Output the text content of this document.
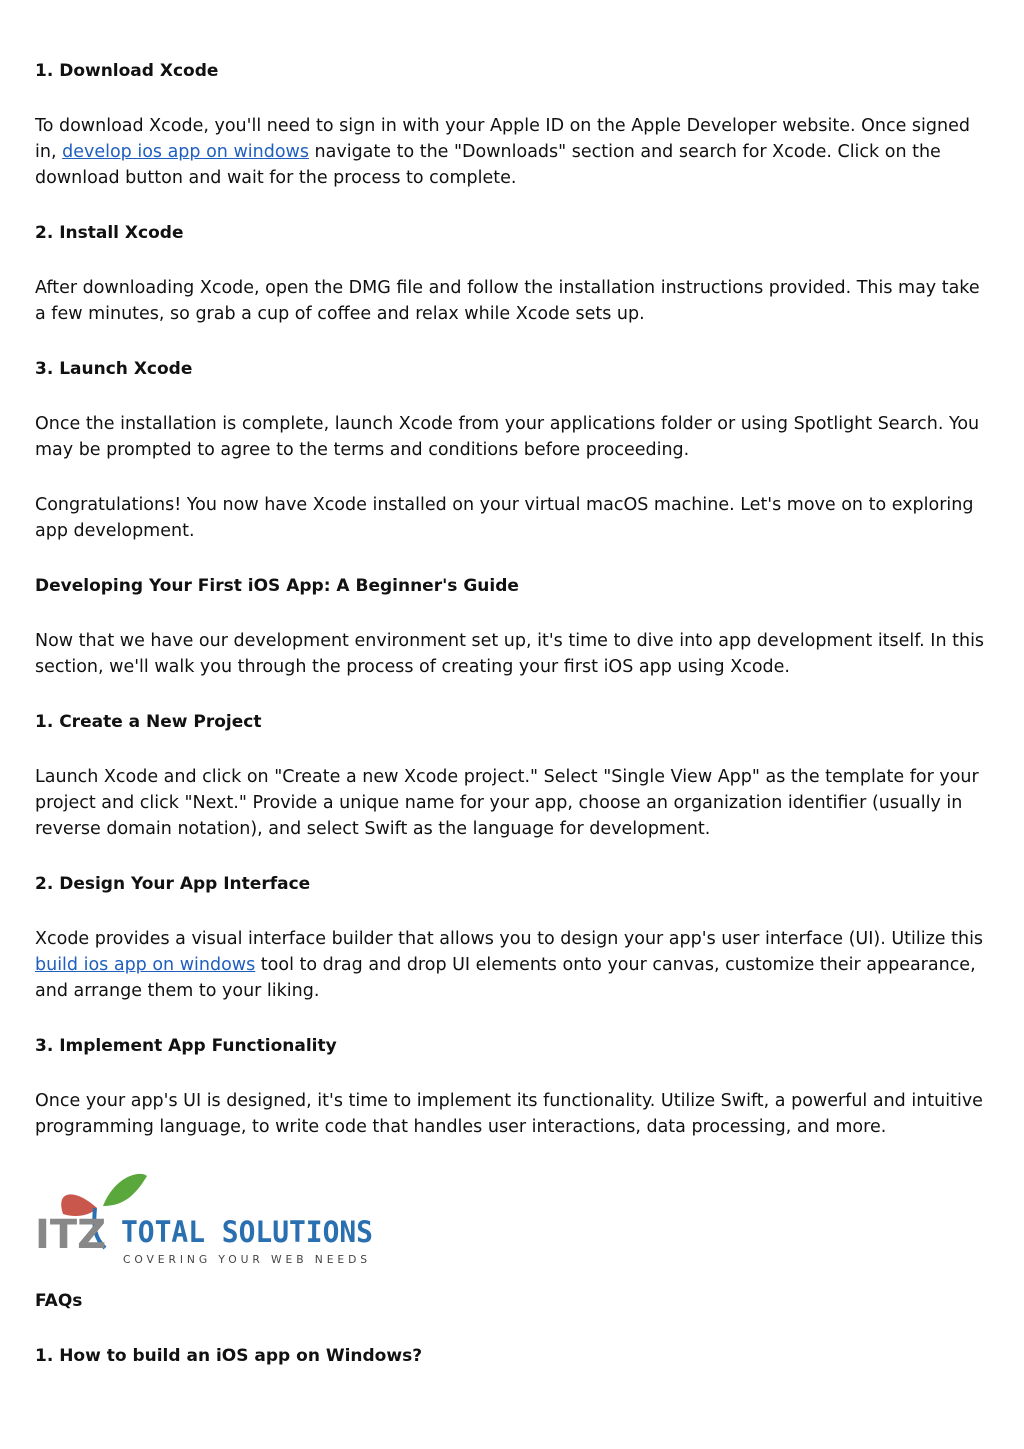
1. Download Xcode

To download Xcode, you'll need to sign in with your Apple ID on the Apple Developer website. Once signed in, develop ios app on windows navigate to the "Downloads" section and search for Xcode. Click on the download button and wait for the process to complete.

2. Install Xcode

After downloading Xcode, open the DMG file and follow the installation instructions provided. This may take a few minutes, so grab a cup of coffee and relax while Xcode sets up.

3. Launch Xcode

Once the installation is complete, launch Xcode from your applications folder or using Spotlight Search. You may be prompted to agree to the terms and conditions before proceeding.

Congratulations! You now have Xcode installed on your virtual macOS machine. Let's move on to exploring app development.

Developing Your First iOS App: A Beginner's Guide

Now that we have our development environment set up, it's time to dive into app development itself. In this section, we'll walk you through the process of creating your first iOS app using Xcode.

1. Create a New Project

Launch Xcode and click on "Create a new Xcode project." Select "Single View App" as the template for your project and click "Next." Provide a unique name for your app, choose an organization identifier (usually in reverse domain notation), and select Swift as the language for development.

2. Design Your App Interface

Xcode provides a visual interface builder that allows you to design your app's user interface (UI). Utilize this build ios app on windows tool to drag and drop UI elements onto your canvas, customize their appearance, and arrange them to your liking.

3. Implement App Functionality

Once your app's UI is designed, it's time to implement its functionality. Utilize Swift, a powerful and intuitive programming language, to write code that handles user interactions, data processing, and more.

ITZ TOTAL SOLUTIONS
COVERING YOUR WEB NEEDS

FAQs

1. How to build an iOS app on Windows?
